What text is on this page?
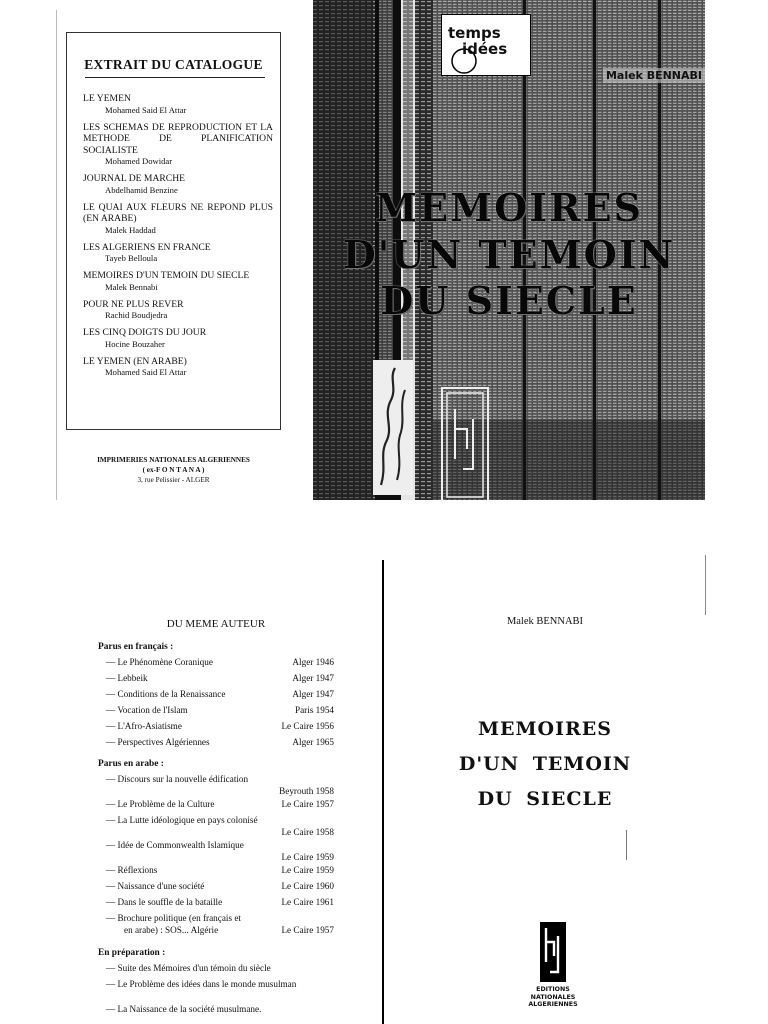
EXTRAIT DU CATALOGUE
LE YEMEN
Mohamed Said El Attar
LES SCHEMAS DE REPRODUCTION ET LA METHODE DE PLANIFICATION SOCIALISTE
Mohamed Dowidar
JOURNAL DE MARCHE
Abdelhamid Benzine
LE QUAI AUX FLEURS NE REPOND PLUS (EN ARABE)
Malek Haddad
LES ALGERIENS EN FRANCE
Tayeb Belloula
MEMOIRES D'UN TEMOIN DU SIECLE
Malek Bennabi
POUR NE PLUS REVER
Rachid Boudjedra
LES CINQ DOIGTS DU JOUR
Hocine Bouzaher
LE YEMEN (EN ARABE)
Mohamed Said El Attar
IMPRIMERIES NATIONALES ALGERIENNES
( ex-F O N T A N A )
3, rue Pelissier - ALGER
temps
idées
Malek BENNABI
MEMOIRES
D'UN TEMOIN
DU SIECLE
DU MEME AUTEUR
Parus en français :
— Le Phénomène Coranique	Alger 1946
— Lebbeik	Alger 1947
— Conditions de la Renaissance	Alger 1947
— Vocation de l'Islam	Paris 1954
— L'Afro-Asiatisme	Le Caire 1956
— Perspectives Algériennes	Alger 1965
Parus en arabe :
— Discours sur la nouvelle édification
Beyrouth 1958
— Le Problème de la Culture	Le Caire 1957
— La Lutte idéologique en pays colonisé
Le Caire 1958
— Idée de Commonwealth Islamique
Le Caire 1959
— Réflexions	Le Caire 1959
— Naissance d'une société	Le Caire 1960
— Dans le souffle de la bataille	Le Caire 1961
— Brochure politique (en français et
en arabe) : SOS... Algérie	Le Caire 1957
En préparation :
— Suite des Mémoires d'un témoin du siècle
— Le Problème des idées dans le monde musulman
— La Naissance de la société musulmane.
Malek BENNABI
MEMOIRES
D'UN TEMOIN
DU SIECLE
EDITIONS
NATIONALES
ALGERIENNES
